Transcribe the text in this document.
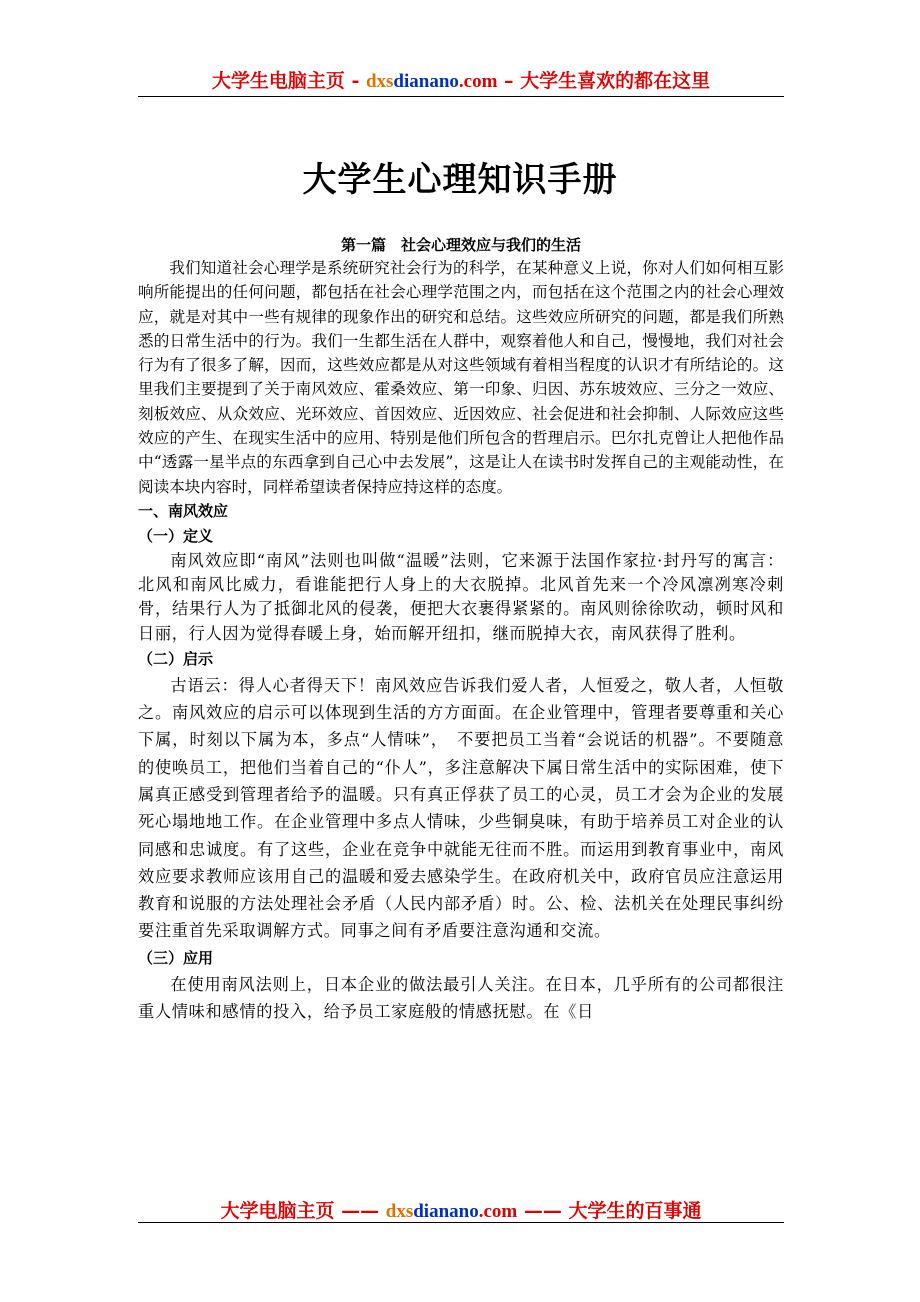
大学生电脑主页 - dxsdianano.com – 大学生喜欢的都在这里
大学生心理知识手册
第一篇　社会心理效应与我们的生活

我们知道社会心理学是系统研究社会行为的科学，在某种意义上说，你对人们如何相互影响所能提出的任何问题，都包括在社会心理学范围之内，而包括在这个范围之内的社会心理效应，就是对其中一些有规律的现象作出的研究和总结。这些效应所研究的问题，都是我们所熟悉的日常生活中的行为。我们一生都生活在人群中，观察着他人和自己，慢慢地，我们对社会行为有了很多了解，因而，这些效应都是从对这些领域有着相当程度的认识才有所结论的。这里我们主要提到了关于南风效应、霍桑效应、第一印象、归因、苏东坡效应、三分之一效应、刻板效应、从众效应、光环效应、首因效应、近因效应、社会促进和社会抑制、人际效应这些效应的产生、在现实生活中的应用、特别是他们所包含的哲理启示。巴尔扎克曾让人把他作品中“透露一星半点的东西拿到自己心中去发展”，这是让人在读书时发挥自己的主观能动性，在阅读本块内容时，同样希望读者保持应持这样的态度。

一、南风效应
（一）定义

南风效应即“南风”法则也叫做“温暖”法则，它来源于法国作家拉·封丹写的寓言：北风和南风比威力，看谁能把行人身上的大衣脱掉。北风首先来一个冷风凛冽寒冷刺骨，结果行人为了抵御北风的侵袭，便把大衣裹得紧紧的。南风则徐徐吹动，顿时风和日丽，行人因为觉得春暖上身，始而解开纽扣，继而脱掉大衣，南风获得了胜利。

（二）启示

古语云：得人心者得天下！南风效应告诉我们爱人者，人恒爱之，敬人者，人恒敬之。南风效应的启示可以体现到生活的方方面面。在企业管理中，管理者要尊重和关心下属，时刻以下属为本，多点“人情味”，　不要把员工当着“会说话的机器”。不要随意的使唤员工，把他们当着自己的“仆人”，多注意解决下属日常生活中的实际困难，使下属真正感受到管理者给予的温暖。只有真正俘获了员工的心灵，员工才会为企业的发展死心塌地地工作。在企业管理中多点人情味，少些铜臭味，有助于培养员工对企业的认同感和忠诚度。有了这些，企业在竞争中就能无往而不胜。而运用到教育事业中，南风效应要求教师应该用自己的温暖和爱去感染学生。在政府机关中，政府官员应注意运用教育和说服的方法处理社会矛盾（人民内部矛盾）时。公、检、法机关在处理民事纠纷要注重首先采取调解方式。同事之间有矛盾要注意沟通和交流。

（三）应用

在使用南风法则上，日本企业的做法最引人关注。在日本，几乎所有的公司都很注重人情味和感情的投入，给予员工家庭般的情感抚慰。在《日

大学电脑主页 —— dxsdianano.com —— 大学生的百事通
